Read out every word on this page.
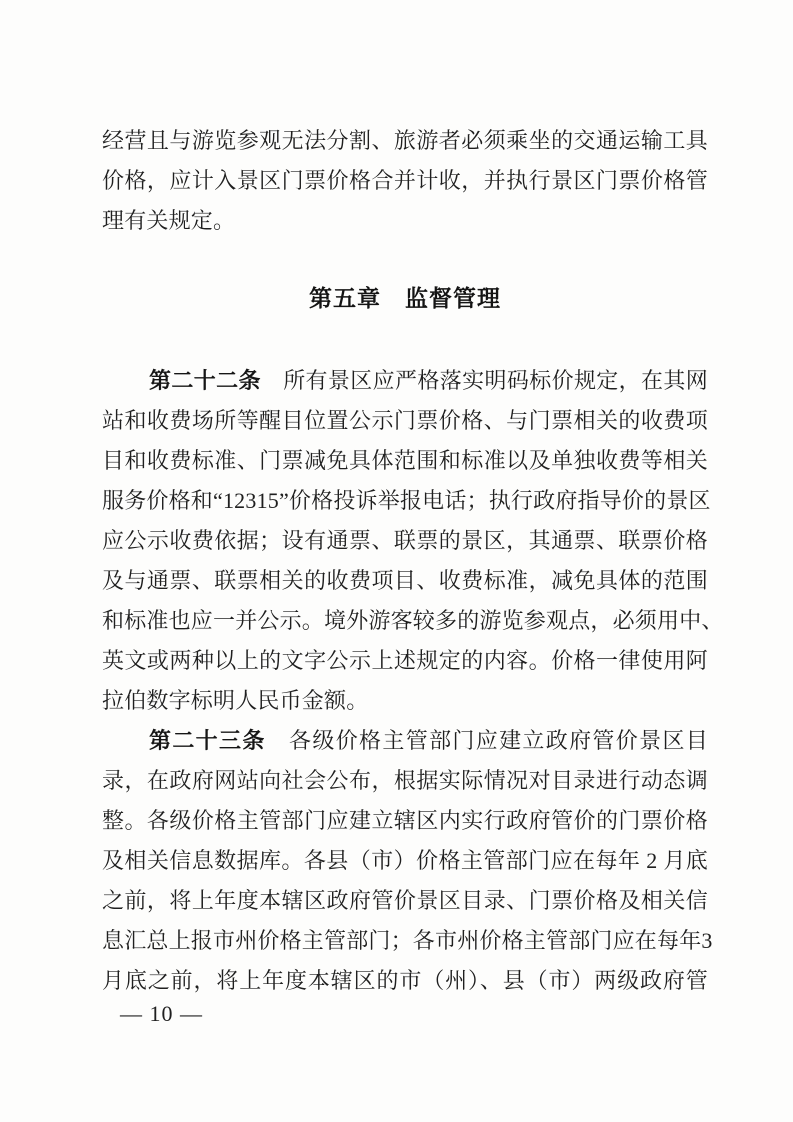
经营且与游览参观无法分割、旅游者必须乘坐的交通运输工具
价格，应计入景区门票价格合并计收，并执行景区门票价格管
理有关规定。
第五章　监督管理
第二十二条　所有景区应严格落实明码标价规定，在其网
站和收费场所等醒目位置公示门票价格、与门票相关的收费项
目和收费标准、门票减免具体范围和标准以及单独收费等相关
服务价格和“12315”价格投诉举报电话；执行政府指导价的景区
应公示收费依据；设有通票、联票的景区，其通票、联票价格
及与通票、联票相关的收费项目、收费标准，减免具体的范围
和标准也应一并公示。境外游客较多的游览参观点，必须用中、
英文或两种以上的文字公示上述规定的内容。价格一律使用阿
拉伯数字标明人民币金额。
第二十三条　各级价格主管部门应建立政府管价景区目
录，在政府网站向社会公布，根据实际情况对目录进行动态调
整。各级价格主管部门应建立辖区内实行政府管价的门票价格
及相关信息数据库。各县（市）价格主管部门应在每年 2 月底
之前，将上年度本辖区政府管价景区目录、门票价格及相关信
息汇总上报市州价格主管部门；各市州价格主管部门应在每年3
月底之前，将上年度本辖区的市（州）、县（市）两级政府管
— 10 —
